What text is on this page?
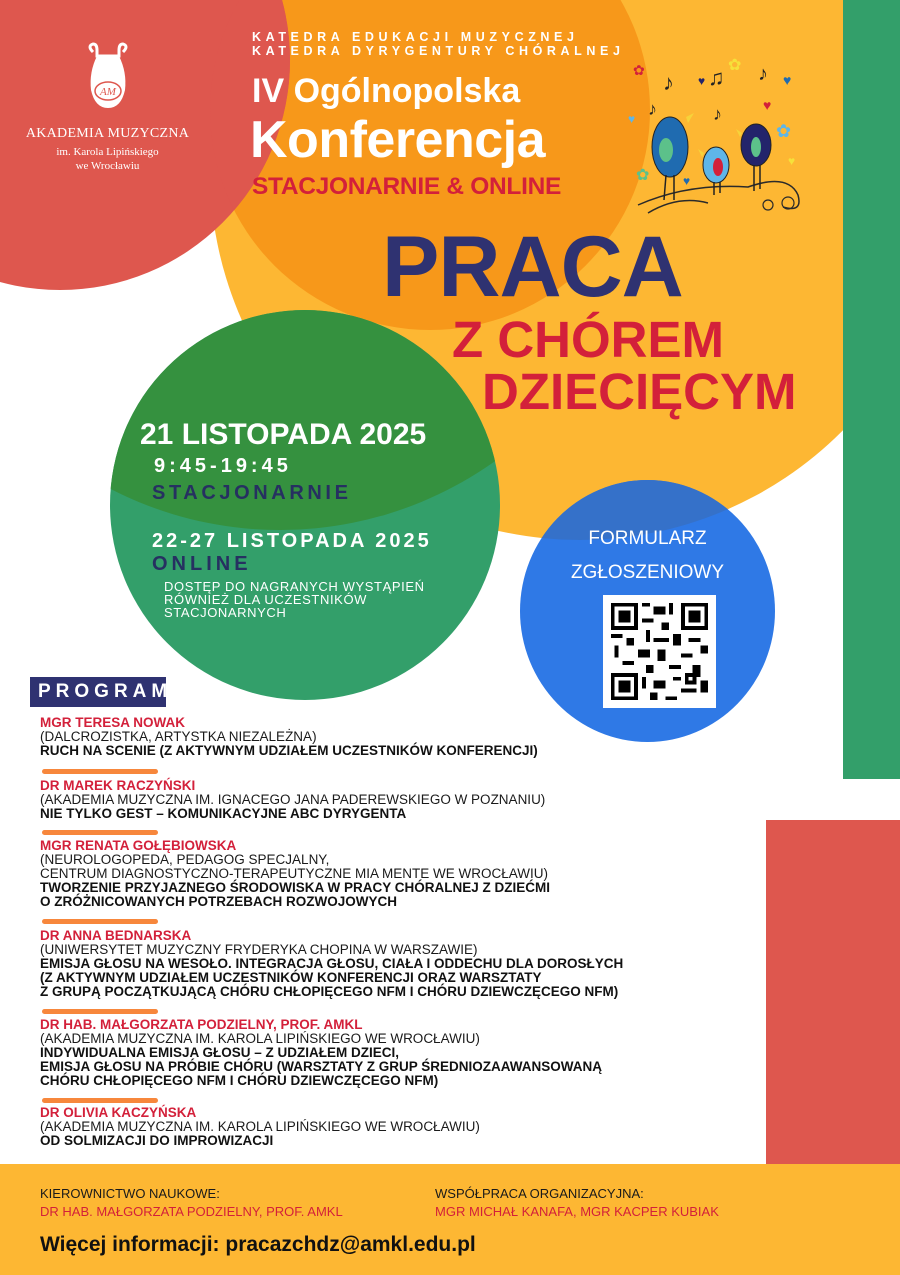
AM
AKADEMIA MUZYCZNA
im. Karola Lipińskiego
we Wrocławiu
KATEDRA EDUKACJI MUZYCZNEJ
KATEDRA DYRYGENTURY CHÓRALNEJ
IV Ogólnopolska
Konferencja
STACJONARNIE & ONLINE
♪ ♫ ♪
♪	♪
✿
✿
✿
✿
♥
♥
♥
♥
♥
♥
PRACA
Z CHÓREM
DZIECIĘCYM
21 LISTOPADA 2025
9:45-19:45
STACJONARNIE
22-27 LISTOPADA 2025
ONLINE
DOSTĘP DO NAGRANYCH WYSTĄPIEŃ
RÓWNIEŻ DLA UCZESTNIKÓW
STACJONARNYCH
FORMULARZ
ZGŁOSZENIOWY
PROGRAM:
MGR TERESA NOWAK
(DALCROZISTKA, ARTYSTKA NIEZALEŻNA)
RUCH NA SCENIE (Z AKTYWNYM UDZIAŁEM UCZESTNIKÓW KONFERENCJI)
DR MAREK RACZYŃSKI
(AKADEMIA MUZYCZNA IM. IGNACEGO JANA PADEREWSKIEGO W POZNANIU)
NIE TYLKO GEST – KOMUNIKACYJNE ABC DYRYGENTA
MGR RENATA GOŁĘBIOWSKA
(NEUROLOGOPEDA, PEDAGOG SPECJALNY,
CENTRUM DIAGNOSTYCZNO-TERAPEUTYCZNE MIA MENTE WE WROCŁAWIU)
TWORZENIE PRZYJAZNEGO ŚRODOWISKA W PRACY CHÓRALNEJ Z DZIEĆMI
O ZRÓŻNICOWANYCH POTRZEBACH ROZWOJOWYCH
DR ANNA BEDNARSKA
(UNIWERSYTET MUZYCZNY FRYDERYKA CHOPINA W WARSZAWIE)
EMISJA GŁOSU NA WESOŁO. INTEGRACJA GŁOSU, CIAŁA I ODDECHU DLA DOROSŁYCH
(Z AKTYWNYM UDZIAŁEM UCZESTNIKÓW KONFERENCJI ORAZ WARSZTATY
Z GRUPĄ POCZĄTKUJĄCĄ CHÓRU CHŁOPIĘCEGO NFM I CHÓRU DZIEWCZĘCEGO NFM)
DR HAB. MAŁGORZATA PODZIELNY, PROF. AMKL
(AKADEMIA MUZYCZNA IM. KAROLA LIPIŃSKIEGO WE WROCŁAWIU)
INDYWIDUALNA EMISJA GŁOSU – Z UDZIAŁEM DZIECI,
EMISJA GŁOSU NA PRÓBIE CHÓRU (WARSZTATY Z GRUP ŚREDNIOZAAWANSOWANĄ
CHÓRU CHŁOPIĘCEGO NFM I CHÓRU DZIEWCZĘCEGO NFM)
DR OLIVIA KACZYŃSKA
(AKADEMIA MUZYCZNA IM. KAROLA LIPIŃSKIEGO WE WROCŁAWIU)
OD SOLMIZACJI DO IMPROWIZACJI
KIEROWNICTWO NAUKOWE:
DR HAB. MAŁGORZATA PODZIELNY, PROF. AMKL
WSPÓŁPRACA ORGANIZACYJNA:
MGR MICHAŁ KANAFA, MGR KACPER KUBIAK
Więcej informacji: pracazchdz@amkl.edu.pl
